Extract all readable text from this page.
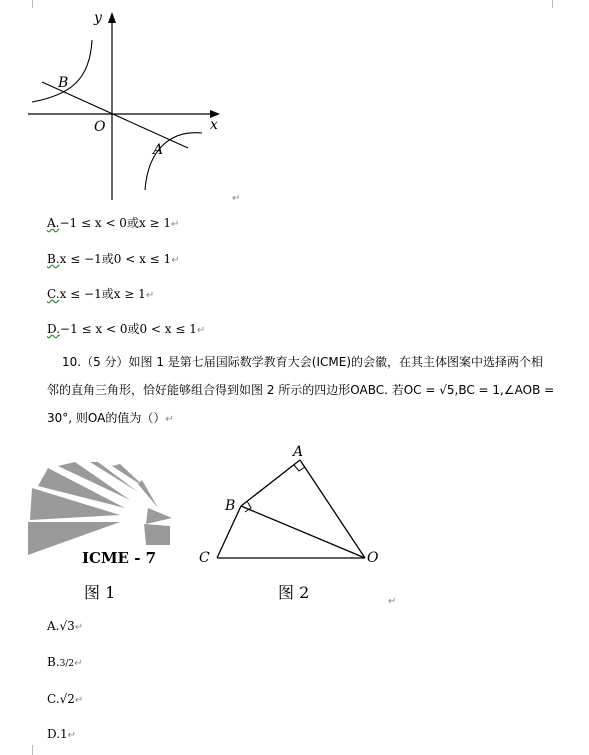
y
x
O
A
B
↵
A.−1 ≤ x < 0或x ≥ 1↵
B.x ≤ −1或0 < x ≤ 1↵
C.x ≤ −1或x ≥ 1↵
D.−1 ≤ x < 0或0 < x ≤ 1↵
10.（5 分）如图 1 是第七届国际数学教育大会(ICME)的会徽，在其主体图案中选择两个相
邻的直角三角形，恰好能够组合得到如图 2 所示的四边形OABC. 若OC = √5,BC = 1,∠AOB =
30°, 则OA的值为（）↵
ICME - 7
图 1
A
B
C	O
图 2	↵
A.√3↵
B.3/2↵
C.√2↵
D.1↵
